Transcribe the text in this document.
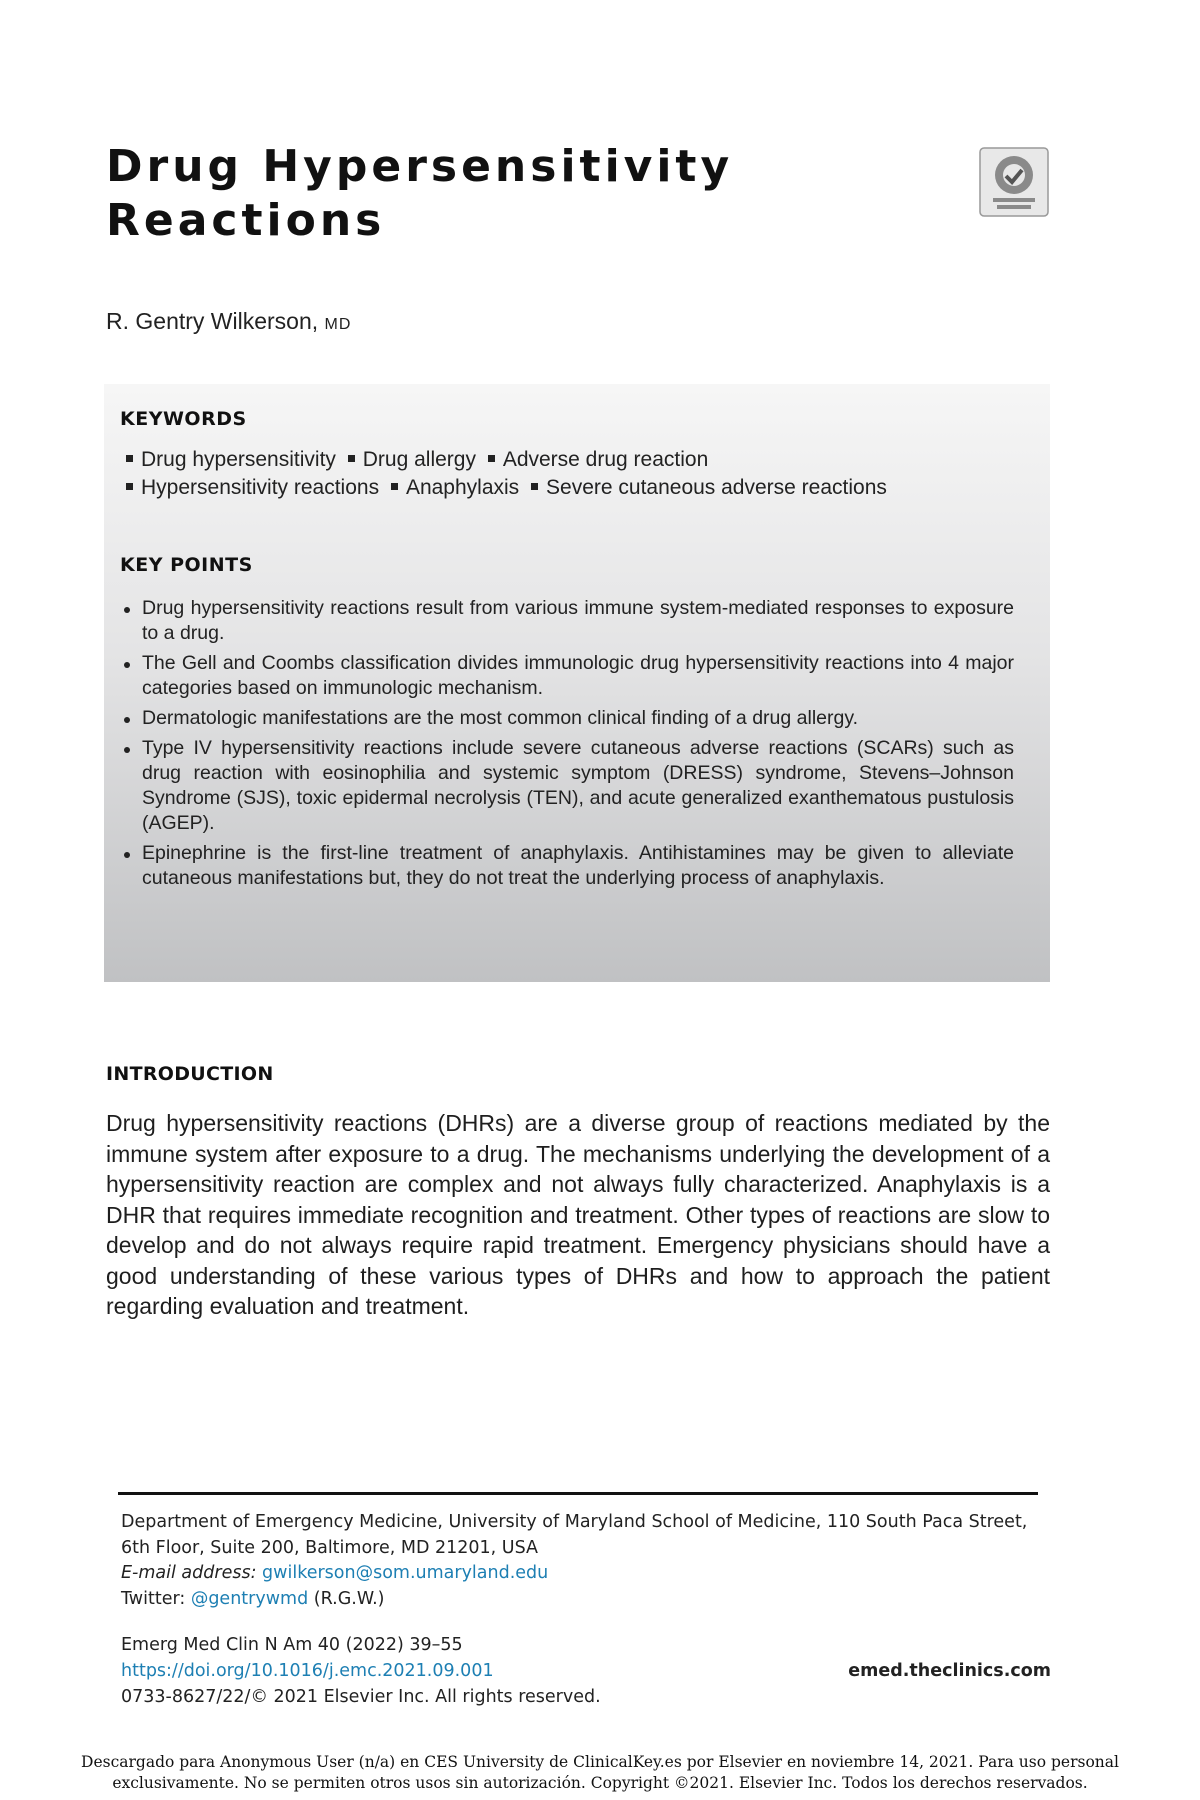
Drug Hypersensitivity
Reactions
R. Gentry Wilkerson, MD
KEYWORDS
Drug hypersensitivity Drug allergy Adverse drug reaction
Hypersensitivity reactions Anaphylaxis Severe cutaneous adverse reactions
KEY POINTS
Drug hypersensitivity reactions result from various immune system-mediated responses to exposure to a drug.
The Gell and Coombs classification divides immunologic drug hypersensitivity reactions into 4 major categories based on immunologic mechanism.
Dermatologic manifestations are the most common clinical finding of a drug allergy.
Type IV hypersensitivity reactions include severe cutaneous adverse reactions (SCARs) such as drug reaction with eosinophilia and systemic symptom (DRESS) syndrome, Stevens–Johnson Syndrome (SJS), toxic epidermal necrolysis (TEN), and acute generalized exanthematous pustulosis (AGEP).
Epinephrine is the first-line treatment of anaphylaxis. Antihistamines may be given to alleviate cutaneous manifestations but, they do not treat the underlying process of anaphylaxis.
INTRODUCTION

Drug hypersensitivity reactions (DHRs) are a diverse group of reactions mediated by the immune system after exposure to a drug. The mechanisms underlying the development of a hypersensitivity reaction are complex and not always fully characterized. Anaphylaxis is a DHR that requires immediate recognition and treatment. Other types of reactions are slow to develop and do not always require rapid treatment. Emergency physicians should have a good understanding of these various types of DHRs and how to approach the patient regarding evaluation and treatment.

Department of Emergency Medicine, University of Maryland School of Medicine, 110 South Paca Street, 6th Floor, Suite 200, Baltimore, MD 21201, USA
E-mail address: gwilkerson@som.umaryland.edu
Twitter: @gentrywmd (R.G.W.)
Emerg Med Clin N Am 40 (2022) 39–55
https://doi.org/10.1016/j.emc.2021.09.001
0733-8627/22/© 2021 Elsevier Inc. All rights reserved.
emed.theclinics.com
Descargado para Anonymous User (n/a) en CES University de ClinicalKey.es por Elsevier en noviembre 14, 2021. Para uso personal
exclusivamente. No se permiten otros usos sin autorización. Copyright ©2021. Elsevier Inc. Todos los derechos reservados.
